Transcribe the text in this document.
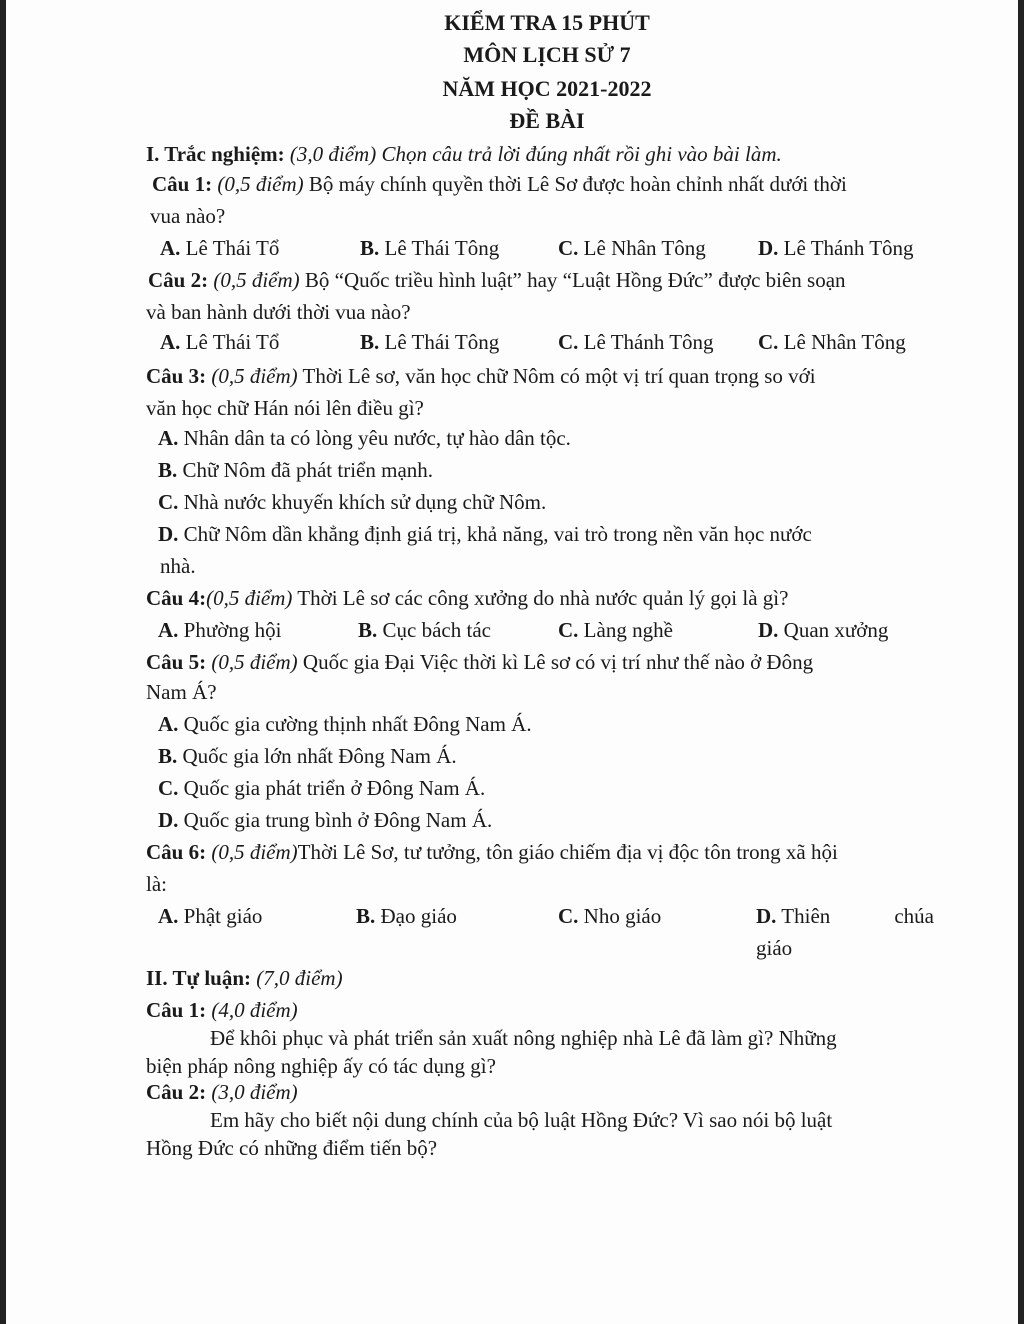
KIỂM TRA 15 PHÚT
MÔN LỊCH SỬ 7
NĂM HỌC 2021-2022
ĐỀ BÀI
I. Trắc nghiệm: (3,0 điểm) Chọn câu trả lời đúng nhất rồi ghi vào bài làm.
Câu 1: (0,5 điểm) Bộ máy chính quyền thời Lê Sơ được hoàn chỉnh nhất dưới thời
vua nào?
A. Lê Thái Tổ	B. Lê Thái Tông	C. Lê Nhân Tông D. Lê Thánh Tông
Câu 2: (0,5 điểm) Bộ “Quốc triều hình luật” hay “Luật Hồng Đức” được biên soạn
và ban hành dưới thời vua nào?
A. Lê Thái Tổ	B. Lê Thái Tông	C. Lê Thánh Tông C. Lê Nhân Tông
Câu 3: (0,5 điểm) Thời Lê sơ, văn học chữ Nôm có một vị trí quan trọng so với
văn học chữ Hán nói lên điều gì?
A. Nhân dân ta có lòng yêu nước, tự hào dân tộc.
B. Chữ Nôm đã phát triển mạnh.
C. Nhà nước khuyến khích sử dụng chữ Nôm.
D. Chữ Nôm dần khẳng định giá trị, khả năng, vai trò trong nền văn học nước
nhà.
Câu 4:(0,5 điểm) Thời Lê sơ các công xưởng do nhà nước quản lý gọi là gì?
A. Phường hội	B. Cục bách tác	C. Làng nghề	D. Quan xưởng
Câu 5: (0,5 điểm) Quốc gia Đại Việc thời kì Lê sơ có vị trí như thế nào ở Đông
Nam Á?
A. Quốc gia cường thịnh nhất Đông Nam Á.
B. Quốc gia lớn nhất Đông Nam Á.
C. Quốc gia phát triển ở Đông Nam Á.
D. Quốc gia trung bình ở Đông Nam Á.
Câu 6: (0,5 điểm)Thời Lê Sơ, tư tưởng, tôn giáo chiếm địa vị độc tôn trong xã hội
là:
A. Phật giáo	B. Đạo giáo	C. Nho giáo	D. Thiên	chúa
giáo
II. Tự luận: (7,0 điểm)
Câu 1: (4,0 điểm)
Để khôi phục và phát triển sản xuất nông nghiệp nhà Lê đã làm gì? Những
biện pháp nông nghiệp ấy có tác dụng gì?
Câu 2: (3,0 điểm)
Em hãy cho biết nội dung chính của bộ luật Hồng Đức? Vì sao nói bộ luật
Hồng Đức có những điểm tiến bộ?
